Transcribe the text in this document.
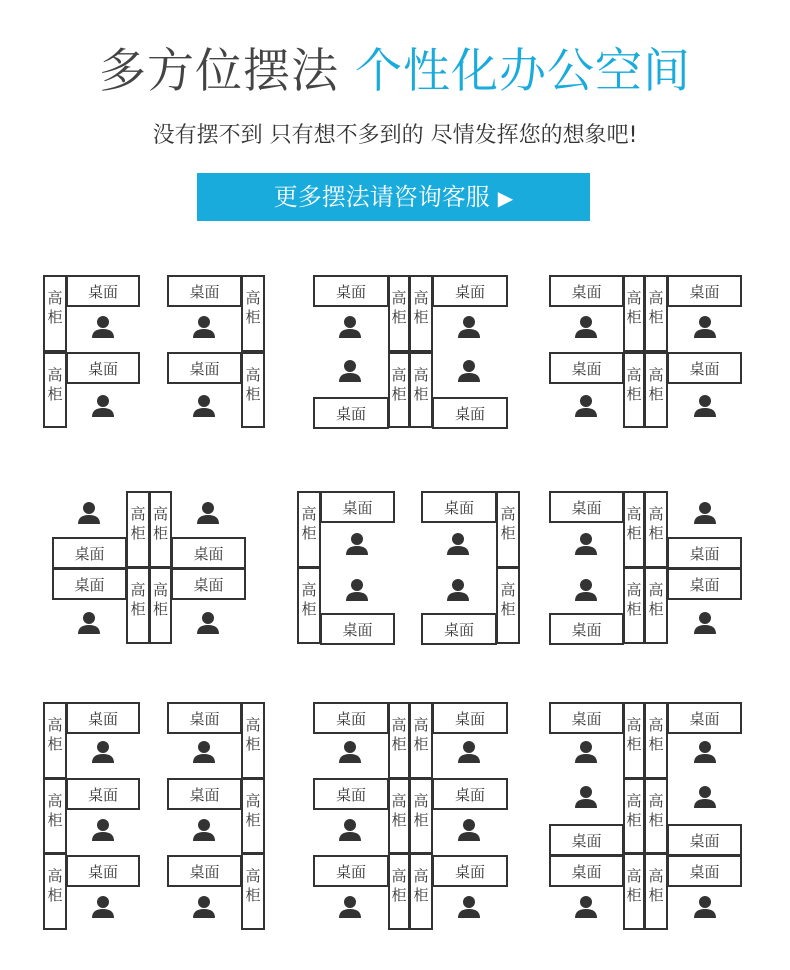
多方位摆法 个性化办公空间
没有摆不到 只有想不多到的 尽情发挥您的想象吧!
更多摆法请咨询客服 ▶
高
柜
高
柜
桌面
桌面
高
柜
高
柜
桌面
桌面
桌面	桌面
高
柜
高
柜
高
柜
高
柜
桌面	桌面
桌面	桌面
高
柜
高
柜
高
柜
高
柜
桌面	桌面
高
柜
高
柜
桌面	桌面
桌面	桌面
高
柜
高
柜
高
柜
高
柜
桌面
桌面
高
柜
高
柜
桌面
桌面
桌面
桌面
高
柜
高
柜
高
柜
高
柜
桌面
桌面
高
柜
高
柜
高
柜
桌面
桌面
桌面
高
柜
高
柜
高
柜
桌面
桌面
桌面
桌面
桌面
桌面
桌面
桌面
桌面
高
柜
高
柜
高
柜
高
柜
高
柜
高
柜
桌面	桌面
高
柜
高
柜
高
柜
高
柜
高
柜
高
柜
桌面	桌面
桌面	桌面
